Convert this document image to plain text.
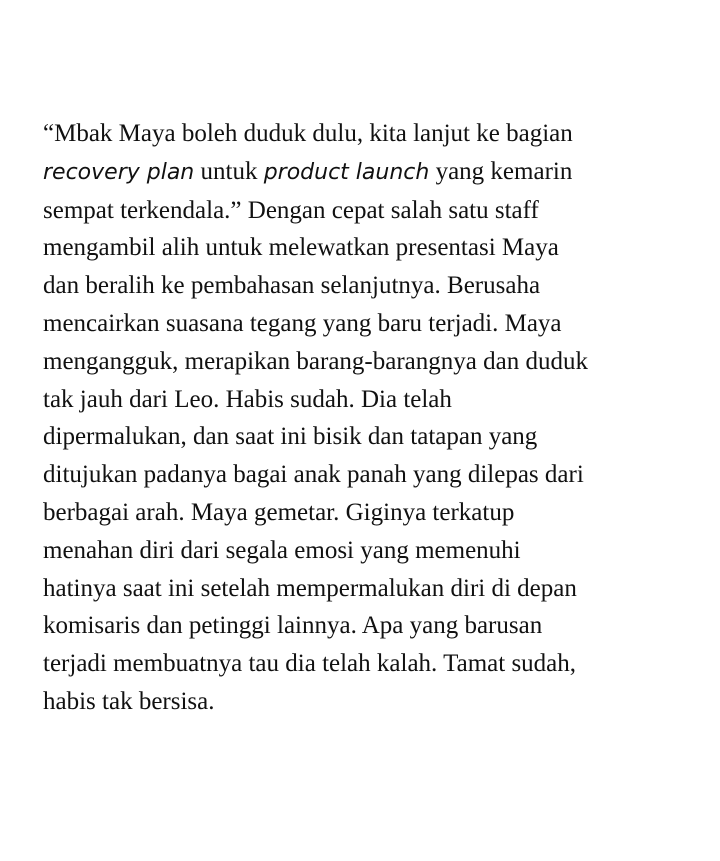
“Mbak Maya boleh duduk dulu, kita lanjut ke bagian
recovery plan untuk product launch yang kemarin
sempat terkendala.” Dengan cepat salah satu staff
mengambil alih untuk melewatkan presentasi Maya
dan beralih ke pembahasan selanjutnya. Berusaha
mencairkan suasana tegang yang baru terjadi. Maya
mengangguk, merapikan barang-barangnya dan duduk
tak jauh dari Leo. Habis sudah. Dia telah
dipermalukan, dan saat ini bisik dan tatapan yang
ditujukan padanya bagai anak panah yang dilepas dari
berbagai arah. Maya gemetar. Giginya terkatup
menahan diri dari segala emosi yang memenuhi
hatinya saat ini setelah mempermalukan diri di depan
komisaris dan petinggi lainnya. Apa yang barusan
terjadi membuatnya tau dia telah kalah. Tamat sudah,
habis tak bersisa.
